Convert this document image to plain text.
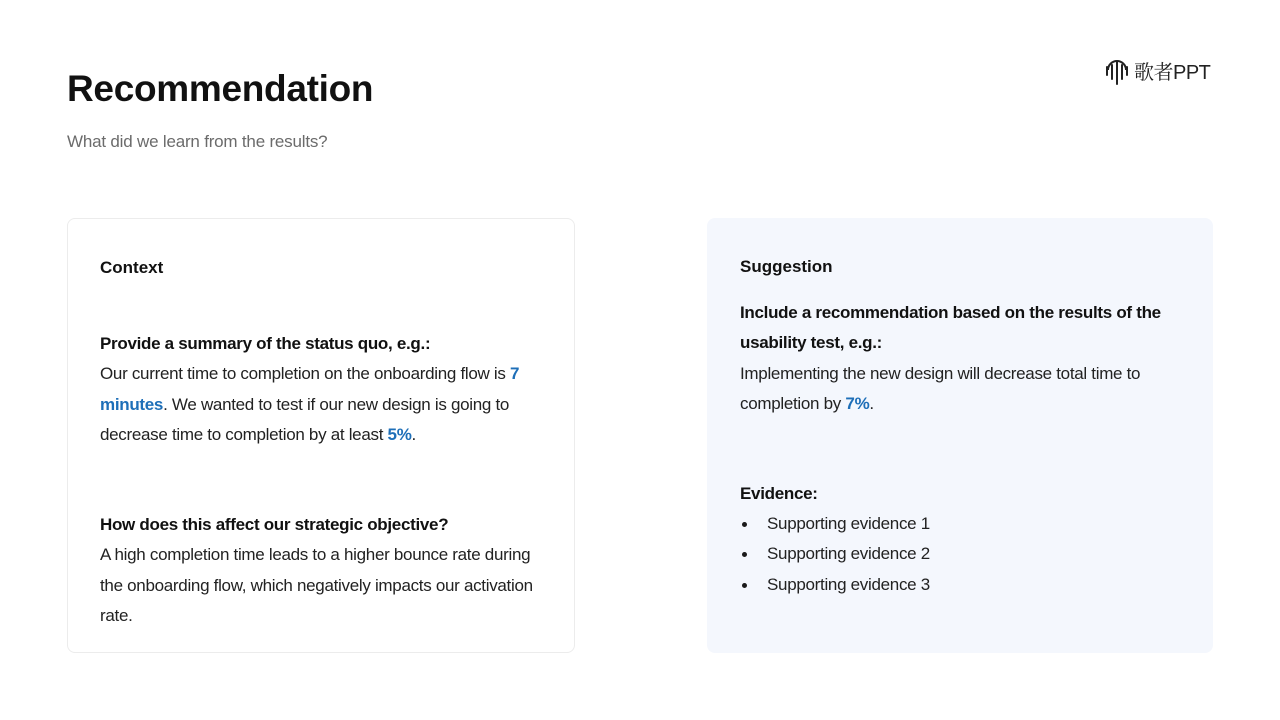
Recommendation

What did we learn from the results?

歌者PPT
Context
Provide a summary of the status quo, e.g.:
Our current time to completion on the onboarding flow is 7 minutes. We wanted to test if our new design is going to decrease time to completion by at least 5%.
How does this affect our strategic objective?
A high completion time leads to a higher bounce rate during the onboarding flow, which negatively impacts our activation rate.
Suggestion
Include a recommendation based on the results of the usability test, e.g.:
Implementing the new design will decrease total time to completion by 7%.
Evidence:
Supporting evidence 1
Supporting evidence 2
Supporting evidence 3
